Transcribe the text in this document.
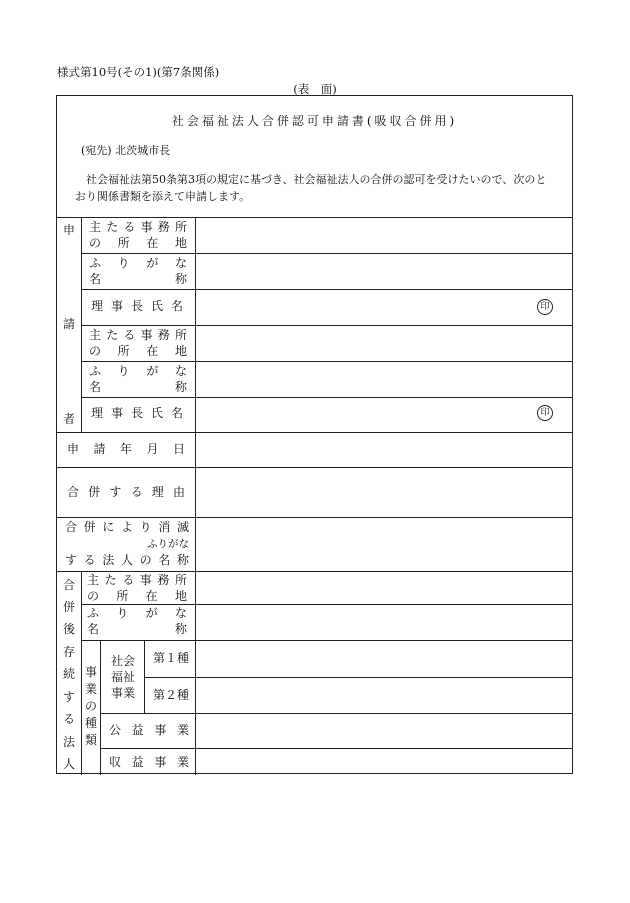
様式第10号(その1)(第7条関係)
(表　面)
社会福祉法人合併認可申請書(吸収合併用)
(宛先) 北茨城市長
社会福祉法第50条第3項の規定に基づき、社会福祉法人の合併の認可を受けたいので、次のとおり関係書類を添えて申請します。
申
請
者
主たる事務所
の所在地
ふりがな
名称
理事長氏名	印
主たる事務所
の所在地
ふりがな
名称
理事長氏名	印
申請年月日
合併する理由
合併により消滅
ふりがな
する法人の名称
合
併
後
存
続
す
る
法
人
主たる事務所
の所在地
ふりがな
名称
事
業
の
種
類
社会
福祉
事業
第１種
第２種
公益事業
収益事業
